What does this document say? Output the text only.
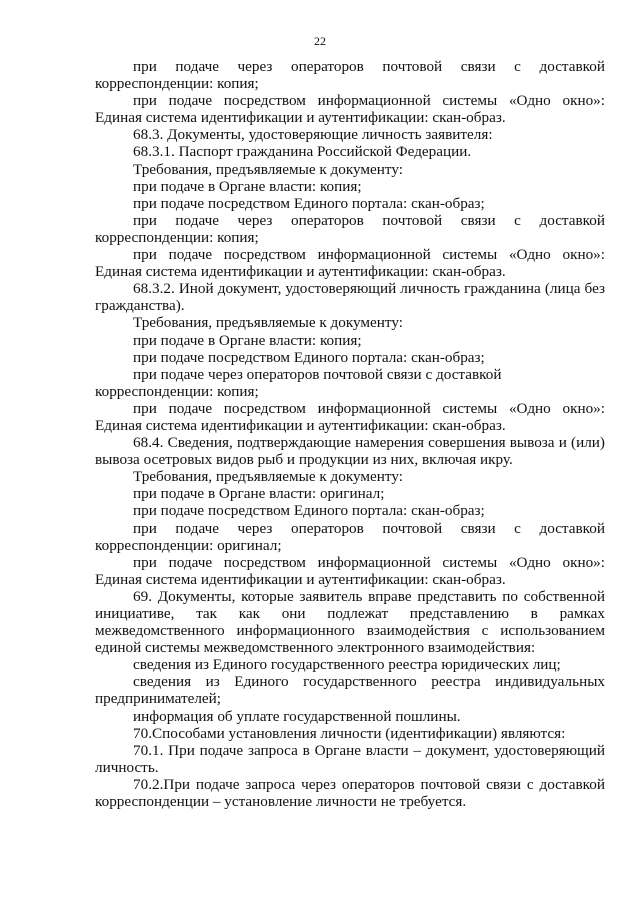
22

при подаче через операторов почтовой связи с доставкой

корреспонденции: копия;

при подаче посредством информационной системы «Одно окно»: Единая система идентификации и аутентификации: скан-образ.

68.3. Документы, удостоверяющие личность заявителя:

68.3.1. Паспорт гражданина Российской Федерации.

Требования, предъявляемые к документу:

при подаче в Органе власти: копия;

при подаче посредством Единого портала: скан-образ;

при подаче через операторов почтовой связи с доставкой

корреспонденции: копия;

при подаче посредством информационной системы «Одно окно»: Единая система идентификации и аутентификации: скан-образ.

68.3.2. Иной документ, удостоверяющий личность гражданина (лица без гражданства).

Требования, предъявляемые к документу:

при подаче в Органе власти: копия;

при подаче посредством Единого портала: скан-образ;

при подаче через операторов почтовой связи с доставкой

корреспонденции: копия;

при подаче посредством информационной системы «Одно окно»: Единая система идентификации и аутентификации: скан-образ.

68.4. Сведения, подтверждающие намерения совершения вывоза и (или) вывоза осетровых видов рыб и продукции из них, включая икру.

Требования, предъявляемые к документу:

при подаче в Органе власти: оригинал;

при подаче посредством Единого портала: скан-образ;

при подаче через операторов почтовой связи с доставкой

корреспонденции: оригинал;

при подаче посредством информационной системы «Одно окно»: Единая система идентификации и аутентификации: скан-образ.

69. Документы, которые заявитель вправе представить по собственной инициативе, так как они подлежат представлению в рамках межведомственного информационного взаимодействия с использованием единой системы межведомственного электронного взаимодействия:

сведения из Единого государственного реестра юридических лиц;

сведения из Единого государственного реестра индивидуальных предпринимателей;

информация об уплате государственной пошлины.

70.Способами установления личности (идентификации) являются:

70.1. При подаче запроса в Органе власти – документ, удостоверяющий личность.

70.2.При подаче запроса через операторов почтовой связи с доставкой корреспонденции – установление личности не требуется.
